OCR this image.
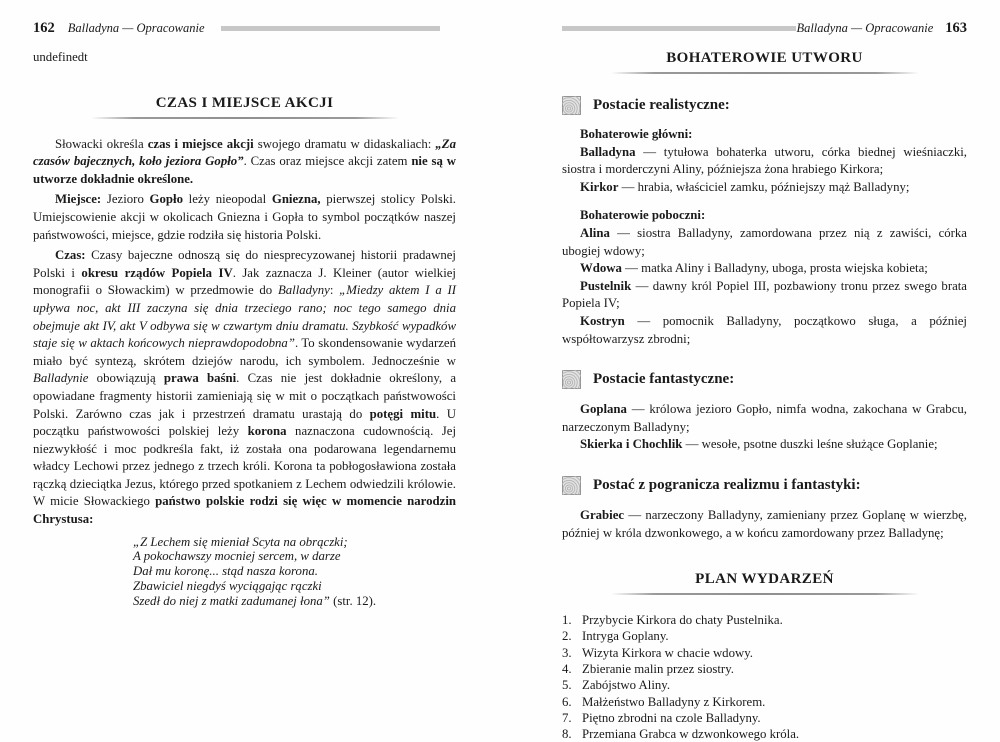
162 Balladyna — Opracowanie

undefinedt

CZAS I MIEJSCE AKCJI

Słowacki określa czas i miejsce akcji swojego dramatu w didaskaliach: „Za czasów bajecznych, koło jeziora Gopło”. Czas oraz miejsce akcji zatem nie są w utworze dokładnie określone.

Miejsce: Jezioro Gopło leży nieopodal Gniezna, pierwszej stolicy Polski. Umiejscowienie akcji w okolicach Gniezna i Gopła to symbol początków naszej państwowości, miejsce, gdzie rodziła się historia Polski.

Czas: Czasy bajeczne odnoszą się do niesprecyzowanej historii pradawnej Polski i okresu rządów Popiela IV. Jak zaznacza J. Kleiner (autor wielkiej monografii o Słowackim) w przedmowie do Balladyny: „Miedzy aktem I a II upływa noc, akt III zaczyna się dnia trzeciego rano; noc tego samego dnia obejmuje akt IV, akt V odbywa się w czwartym dniu dramatu. Szybkość wypadków staje się w aktach końcowych nieprawdopodobna”. To skondensowanie wydarzeń miało być syntezą, skrótem dziejów narodu, ich symbolem. Jednocześnie w Balladynie obowiązują prawa baśni. Czas nie jest dokładnie określony, a opowiadane fragmenty historii zamieniają się w mit o początkach państwowości Polski. Zarówno czas jak i przestrzeń dramatu urastają do potęgi mitu. U początku państwowości polskiej leży korona naznaczona cudownością. Jej niezwykłość i moc podkreśla fakt, iż została ona podarowana legendarnemu władcy Lechowi przez jednego z trzech króli. Korona ta pobłogosławiona została rączką dzieciątka Jezus, którego przed spotkaniem z Lechem odwiedzili królowie. W micie Słowackiego państwo polskie rodzi się więc w momencie narodzin Chrystusa:

„Z Lechem się mieniał Scyta na obrączki;
A pokochawszy mocniej sercem, w darze
Dał mu koronę... stąd nasza korona.
Zbawiciel niegdyś wyciągając rączki
Szedł do niej z matki zadumanej łona” (str. 12).
Balladyna — Opracowanie 163
BOHATEROWIE UTWORU
Postacie realistyczne:

Bohaterowie główni:

Balladyna — tytułowa bohaterka utworu, córka biednej wieśniaczki, siostra i morderczyni Aliny, późniejsza żona hrabiego Kirkora;

Kirkor — hrabia, właściciel zamku, późniejszy mąż Balladyny;

Bohaterowie poboczni:

Alina — siostra Balladyny, zamordowana przez nią z zawiści, córka ubogiej wdowy;

Wdowa — matka Aliny i Balladyny, uboga, prosta wiejska kobieta;

Pustelnik — dawny król Popiel III, pozbawiony tronu przez swego brata Popiela IV;

Kostryn — pomocnik Balladyny, początkowo sługa, a później współtowarzysz zbrodni;

Postacie fantastyczne:

Goplana — królowa jezioro Gopło, nimfa wodna, zakochana w Grabcu, narzeczonym Balladyny;

Skierka i Chochlik — wesołe, psotne duszki leśne służące Goplanie;

Postać z pogranicza realizmu i fantastyki:

Grabiec — narzeczony Balladyny, zamieniany przez Goplanę w wierzbę, później w króla dzwonkowego, a w końcu zamordowany przez Balladynę;

PLAN WYDARZEŃ
1. Przybycie Kirkora do chaty Pustelnika.
2. Intryga Goplany.
3. Wizyta Kirkora w chacie wdowy.
4. Zbieranie malin przez siostry.
5. Zabójstwo Aliny.
6. Małżeństwo Balladyny z Kirkorem.
7. Piętno zbrodni na czole Balladyny.
8. Przemiana Grabca w dzwonkowego króla.
